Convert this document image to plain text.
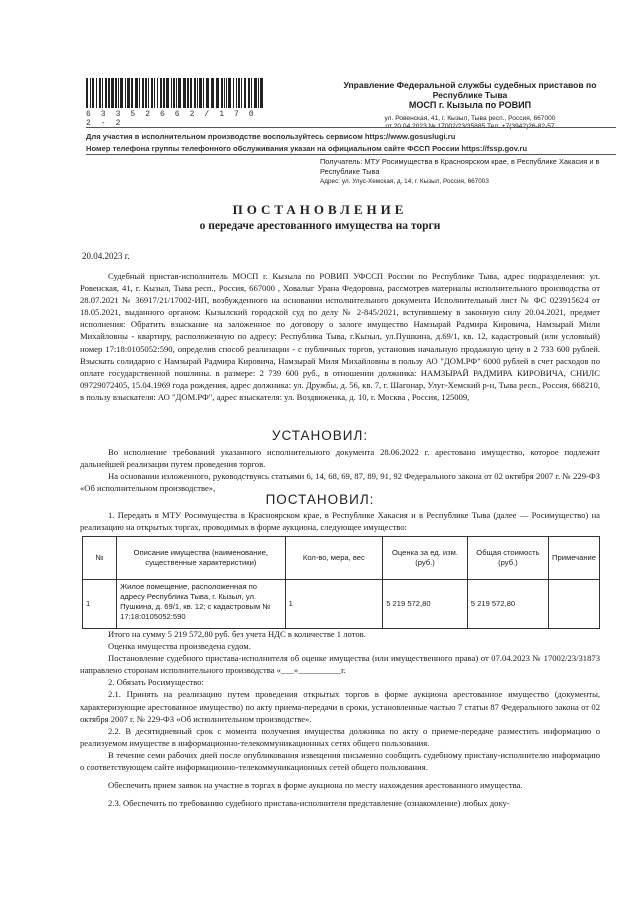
6 3 3 5 2 6 6 2 / 1 7 0 2 - 2
Управление Федеральной службы судебных приставов по
Республике Тыва
МОСП г. Кызыла по РОВИП
ул. Ровенская, 41, г. Кызыл, Тыва респ., Россия, 667000
от 20.04.2023 № 17002/23/35885 Тел. +7(3942)26-82-57
Для участия в исполнительном производстве воспользуйтесь сервисом https://www.gosuslugi.ru
Номер телефона группы телефонного обслуживания указан на официальном сайте ФССП России https://fssp.gov.ru
Получатель: МТУ Росимущества в Красноярском крае, в Республике Хакасия и в Республике Тыва
Адрес: ул. Улус-Хемская, д. 14, г. Кызыл, Россия, 667003
ПОСТАНОВЛЕНИЕ
о передаче арестованного имущества на торги
20.04.2023 г.

Судебный пристав-исполнитель МОСП г. Кызыла по РОВИП УФССП России по Республике Тыва, адрес подразделения: ул. Ровенская, 41, г. Кызыл, Тыва респ., Россия, 667000 , Ховалыг Урана Федоровна, рассмотрев материалы исполнительного производства от 28.07.2021 № 36917/21/17002-ИП, возбужденного на основании исполнительного документа Исполнительный лист № ФС 023915624 от 18.05.2021, выданного органом: Кызылский городской суд по делу № 2-845/2021, вступившему в законную силу 20.04.2021, предмет исполнения: Обратить взыскание на заложенное по договору о залоге имущество Намзырай Радмира Кировича, Намзырай Мили Михайловны - квартиру, расположенную по адресу: Республика Тыва, г.Кызыл, ул.Пушкина, д.69/1, кв. 12, кадастровый (или условный) номер 17:18:0105052:590, определив способ реализации - с публичных торгов, установив начальную продажную цену в 2 733 600 рублей. Взыскать солидарно с Намзырай Радмира Кировича, Намзырай Миля Михайловны в пользу АО "ДОМ.РФ" 6000 рублей в счет расходов по оплате государственной пошлины. в размере: 2 739 600 руб., в отношении должника: НАМЗЫРАЙ РАДМИРА КИРОВИЧА, СНИЛС 09729072405, 15.04.1969 года рождения, адрес должника: ул. Дружбы, д. 56, кв. 7, г. Шагонар, Улуг-Хемский р-н, Тыва респ., Россия, 668210, в пользу взыскателя: АО "ДОМ.РФ", адрес взыскателя: ул. Воздвиженка, д. 10, г. Москва , Россия, 125009,

УСТАНОВИЛ:

Во исполнение требований указанного исполнительного документа 28.06.2022 г. арестовано имущество, которое подлежит дальнейшей реализации путем проведения торгов.

На основании изложенного, руководствуясь статьями 6, 14, 68, 69, 87, 89, 91, 92 Федерального закона от 02 октября 2007 г. № 229-ФЗ «Об исполнительном производстве»,

ПОСТАНОВИЛ:

1. Передать в МТУ Росимущества в Красноярском крае, в Республике Хакасия и в Республике Тыва (далее — Росимущество) на реализацию на открытых торгах, проводимых в форме аукциона, следующее имущество:

№	Описание имущества (наименование, существенные характеристики)	Кол-во, мера, вес	Оценка за ед. изм. (руб.)	Общая стоимость (руб.)	Примечание
1	Жилое помещение, расположенная по адресу Республика Тыва, г. Кызыл, ул. Пушкина, д. 69/1, кв. 12; с кадастровым № 17:18:0105052:590	1	5 219 572,80	5 219 572,80	

Итого на сумму 5 219 572,80 руб. без учета НДС в количестве 1 лотов.

Оценка имущества произведена судом.

Постановление судебного пристава-исполнителя об оценке имущества (или имущественного права) от 07.04.2023 № 17002/23/31873 направлено сторонам исполнительного производства «___»__________г.

2. Обязать Росимущество:

2.1. Принять на реализацию путем проведения открытых торгов в форме аукциона арестованное имущество (документы, характеризующие арестованное имущество) по акту приема-передачи в сроки, установленные частью 7 статьи 87 Федерального закона от 02 октября 2007 г. № 229-ФЗ «Об исполнительном производстве».

2.2. В десятидневный срок с момента получения имущества должника по акту о приеме-передаче разместить информацию о реализуемом имуществе в информационно-телекоммуникационных сетях общего пользования.

В течение семи рабочих дней после опубликования извещения письменно сообщить судебному приставу-исполнителю информацию о соответствующем сайте информационно-телекоммуникационных сетей общего пользования.

Обеспечить прием заявок на участие в торгах в форме аукциона по месту нахождения арестованного имущества.

2.3. Обеспечить по требованию судебного пристава-исполнителя представление (ознакомление) любых доку-
